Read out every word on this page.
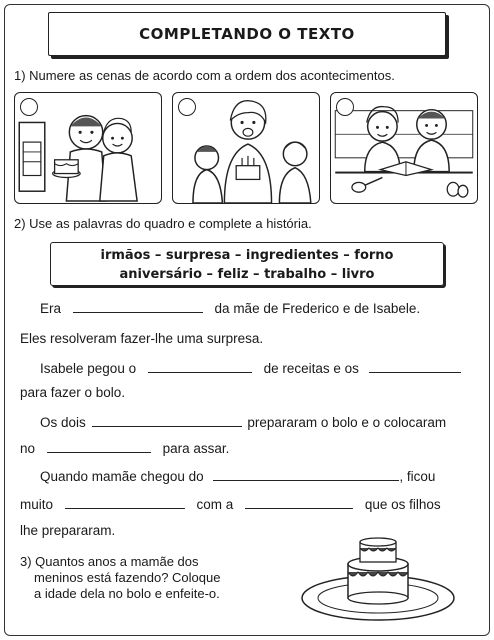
COMPLETANDO O TEXTO
1) Numere as cenas de acordo com a ordem dos acontecimentos.
2) Use as palavras do quadro e complete a história.
irmãos – surpresa – ingredientes – forno
aniversário – feliz – trabalho – livro
Era	da mãe de Frederico e de Isabele.
Eles resolveram fazer-lhe uma surpresa.
Isabele pegou o	de receitas e os
para fazer o bolo.
Os dois	prepararam o bolo e o colocaram
no	para assar.
Quando mamãe chegou do	, ficou
muito	com a	que os filhos
lhe prepararam.
3) Quantos anos a mamãe dos
meninos está fazendo? Coloque
a idade dela no bolo e enfeite-o.
